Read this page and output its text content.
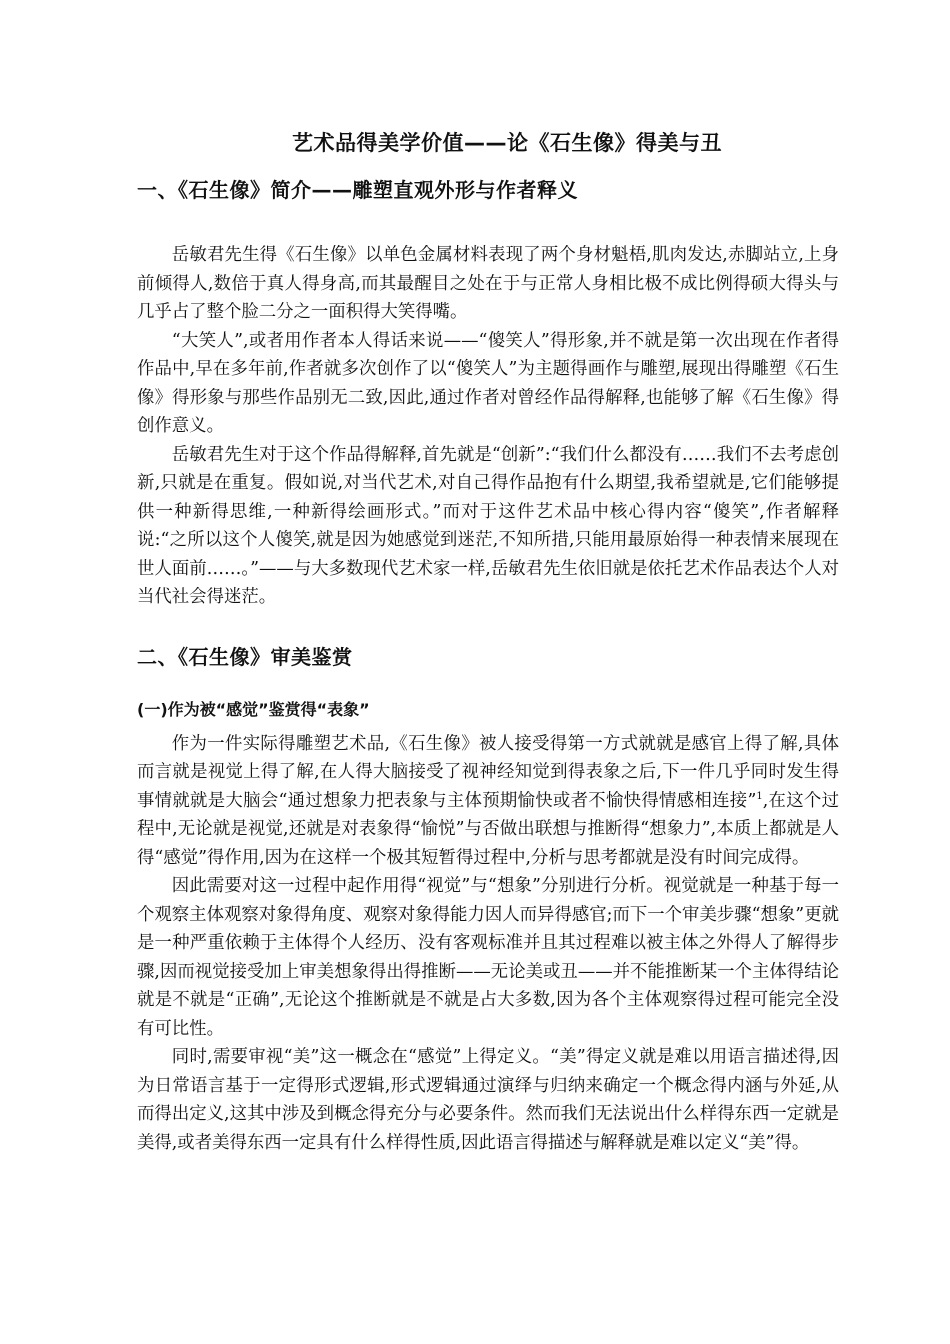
艺术品得美学价值——论《石生像》得美与丑
一、《石生像》简介——雕塑直观外形与作者释义

岳敏君先生得《石生像》以单色金属材料表现了两个身材魁梧,肌肉发达,赤脚站立,上身前倾得人,数倍于真人得身高,而其最醒目之处在于与正常人身相比极不成比例得硕大得头与几乎占了整个脸二分之一面积得大笑得嘴。

“大笑人”,或者用作者本人得话来说——“傻笑人”得形象,并不就是第一次出现在作者得作品中,早在多年前,作者就多次创作了以“傻笑人”为主题得画作与雕塑,展现出得雕塑《石生像》得形象与那些作品别无二致,因此,通过作者对曾经作品得解释,也能够了解《石生像》得创作意义。

岳敏君先生对于这个作品得解释,首先就是“创新”:“我们什么都没有……我们不去考虑创新,只就是在重复。假如说,对当代艺术,对自己得作品抱有什么期望,我希望就是,它们能够提供一种新得思维,一种新得绘画形式。”而对于这件艺术品中核心得内容“傻笑”,作者解释说:“之所以这个人傻笑,就是因为她感觉到迷茫,不知所措,只能用最原始得一种表情来展现在世人面前……。”——与大多数现代艺术家一样,岳敏君先生依旧就是依托艺术作品表达个人对当代社会得迷茫。

二、《石生像》审美鉴赏
(一)作为被“感觉”鉴赏得“表象”

作为一件实际得雕塑艺术品,《石生像》被人接受得第一方式就就是感官上得了解,具体而言就是视觉上得了解,在人得大脑接受了视神经知觉到得表象之后,下一件几乎同时发生得事情就就是大脑会“通过想象力把表象与主体预期愉快或者不愉快得情感相连接”$^1$,在这个过程中,无论就是视觉,还就是对表象得“愉悦”与否做出联想与推断得“想象力”,本质上都就是人得“感觉”得作用,因为在这样一个极其短暂得过程中,分析与思考都就是没有时间完成得。

因此需要对这一过程中起作用得“视觉”与“想象”分别进行分析。视觉就是一种基于每一个观察主体观察对象得角度、观察对象得能力因人而异得感官;而下一个审美步骤“想象”更就是一种严重依赖于主体得个人经历、没有客观标准并且其过程难以被主体之外得人了解得步骤,因而视觉接受加上审美想象得出得推断——无论美或丑——并不能推断某一个主体得结论就是不就是“正确”,无论这个推断就是不就是占大多数,因为各个主体观察得过程可能完全没有可比性。

同时,需要审视“美”这一概念在“感觉”上得定义。“美”得定义就是难以用语言描述得,因为日常语言基于一定得形式逻辑,形式逻辑通过演绎与归纳来确定一个概念得内涵与外延,从而得出定义,这其中涉及到概念得充分与必要条件。然而我们无法说出什么样得东西一定就是美得,或者美得东西一定具有什么样得性质,因此语言得描述与解释就是难以定义“美”得。
